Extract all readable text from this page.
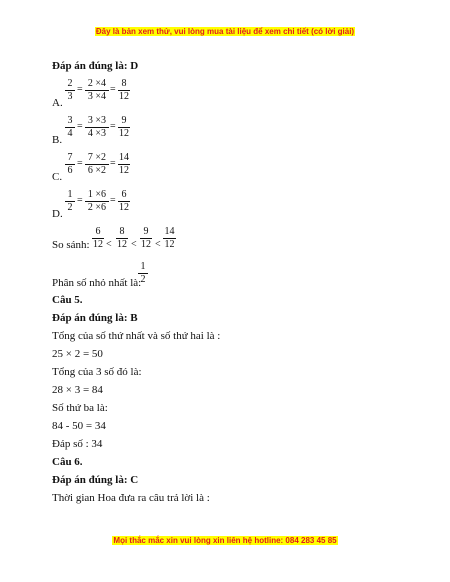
Đây là bản xem thử, vui lòng mua tài liệu để xem chi tiết (có lời giải)
Đáp án đúng là: D
A.
2
3
=
2 ×4
3 ×4
=
8
12
B.
3
4
=
3 ×3
4 ×3
=
9
12
C.
7
6
=
7 ×2
6 ×2
=
14
12
D.
1
2
=
1 ×6
2 ×6
=
6
12
So sánh:
6
12 <
8
12 <
9
12 <
14
12
Phân số nhỏ nhất là:
1
2
Câu 5.
Đáp án đúng là: B
Tổng của số thứ nhất và số thứ hai là :
25 × 2 = 50
Tổng của 3 số đó là:
28 × 3 = 84
Số thứ ba là:
84 - 50 = 34
Đáp số : 34
Câu 6.
Đáp án đúng là: C
Thời gian Hoa đưa ra câu trả lời là :
Mọi thắc mắc xin vui lòng xin liên hệ hotline: 084 283 45 85
